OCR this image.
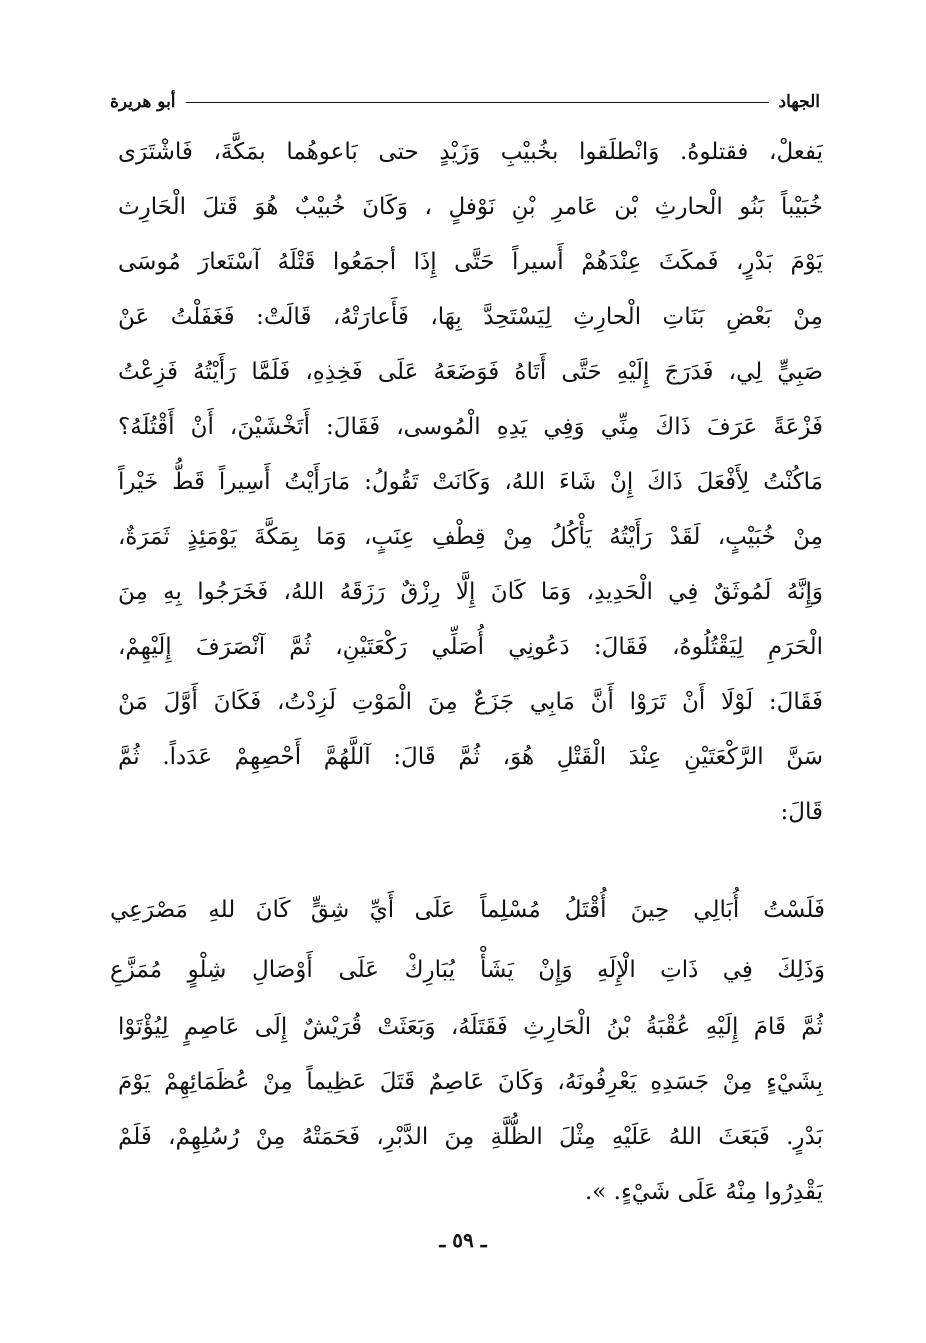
الجهاد
أبو هريرة
يَفعلْ، فقتلوهُ. وَانْطلَقوا بخُبيْبِ وَزَيْدٍ حتى بَاعوهُما بمَكَّةَ، فَاشْتَرَى
خُبَيْباً بَنُو الْحارثِ بْن عَامرِ بْنِ نَوْفلٍ ، وَكَانَ خُبيْبٌ هُوَ قَتلَ الْحَارِث
يَوْمَ بَدْرٍ، فَمكَثَ عِنْدَهُمْ أَسيراً حَتَّى إِذَا أجمَعُوا قَتْلَهُ آسْتَعارَ مُوسَى
مِنْ بَعْضِ بَنَاتِ الْحارِثِ لِيَسْتَحِدَّ بِهَا، فَأَعارَتْهُ، قَالَتْ: فَغَفَلْتُ عَنْ
صَبِيٍّ لِي، فَدَرَجَ إِلَيْهِ حَتَّى أَتَاهُ فَوَضَعَهُ عَلَى فَخِذِهِ، فَلَمَّا رَأَيْتُهُ فَزِعْتُ
فَزْعَةً عَرَفَ ذَاكَ مِنِّي وَفِي يَدِهِ الْمُوسى، فَقَالَ: أَتَخْشَيْنَ، أَنْ أَقْتُلَهُ؟
مَاكُنْتُ لِأَفْعَلَ ذَاكَ إِنْ شَاءَ اللهُ، وَكَانَتْ تَقُولُ: مَارَأَيْتُ أَسِيراً قَطُّ خَيْراً
مِنْ خُبَيْبٍ، لَقَدْ رَأَيْتُهُ يَأْكُلُ مِنْ قِطْفِ عِنَبٍ، وَمَا بِمَكَّةَ يَوْمَئِذٍ ثَمَرَةٌ،
وَإِنَّهُ لَمُوثَقٌ فِي الْحَدِيدِ، وَمَا كَانَ إِلَّا رِزْقٌ رَزَقَهُ اللهُ، فَخَرَجُوا بِهِ مِنَ
الْحَرَمِ لِيَقْتُلُوهُ، فَقَالَ: دَعُونِي أُصَلِّي رَكْعَتَيْنِ، ثُمَّ آنْصَرَفَ إِلَيْهِمْ،
فَقَالَ: لَوْلَا أَنْ تَرَوْا أَنَّ مَابِي جَزَعٌ مِنَ الْمَوْتِ لَزِدْتُ، فَكَانَ أَوَّلَ مَنْ
سَنَّ الرَّكْعَتَيْنِ عِنْدَ الْقَتْلِ هُوَ، ثُمَّ قَالَ: آللَّهُمَّ أَحْصِهِمْ عَدَداً. ثُمَّ
قَالَ:
فَلَسْتُ أُبَالِي حِينَ أُقْتَلُ مُسْلِماً
عَلَى أَيِّ شِقٍّ كَانَ للهِ مَصْرَعِي
وَذَلِكَ فِي ذَاتِ الْإِلَهِ وَإِنْ يَشَأْ
يُبَارِكْ عَلَى أَوْصَالِ شِلْوٍ مُمَزَّعِ
ثُمَّ قَامَ إِلَيْهِ عُقْبَةُ بْنُ الْحَارِثِ فَقَتَلَهُ، وَبَعَثَتْ قُرَيْشٌ إِلَى عَاصِمٍ لِيُؤْتَوْا
بِشَيْءٍ مِنْ جَسَدِهِ يَعْرِفُونَهُ، وَكَانَ عَاصِمٌ قَتَلَ عَظِيماً مِنْ عُظَمَائِهِمْ يَوْمَ
بَدْرٍ. فَبَعَثَ اللهُ عَلَيْهِ مِثْلَ الظُّلَّةِ مِنَ الدَّبْرِ، فَحَمَتْهُ مِنْ رُسُلِهِمْ، فَلَمْ
يَقْدِرُوا مِنْهُ عَلَى شَيْءٍ. ».
ـ ٥٩ ـ
